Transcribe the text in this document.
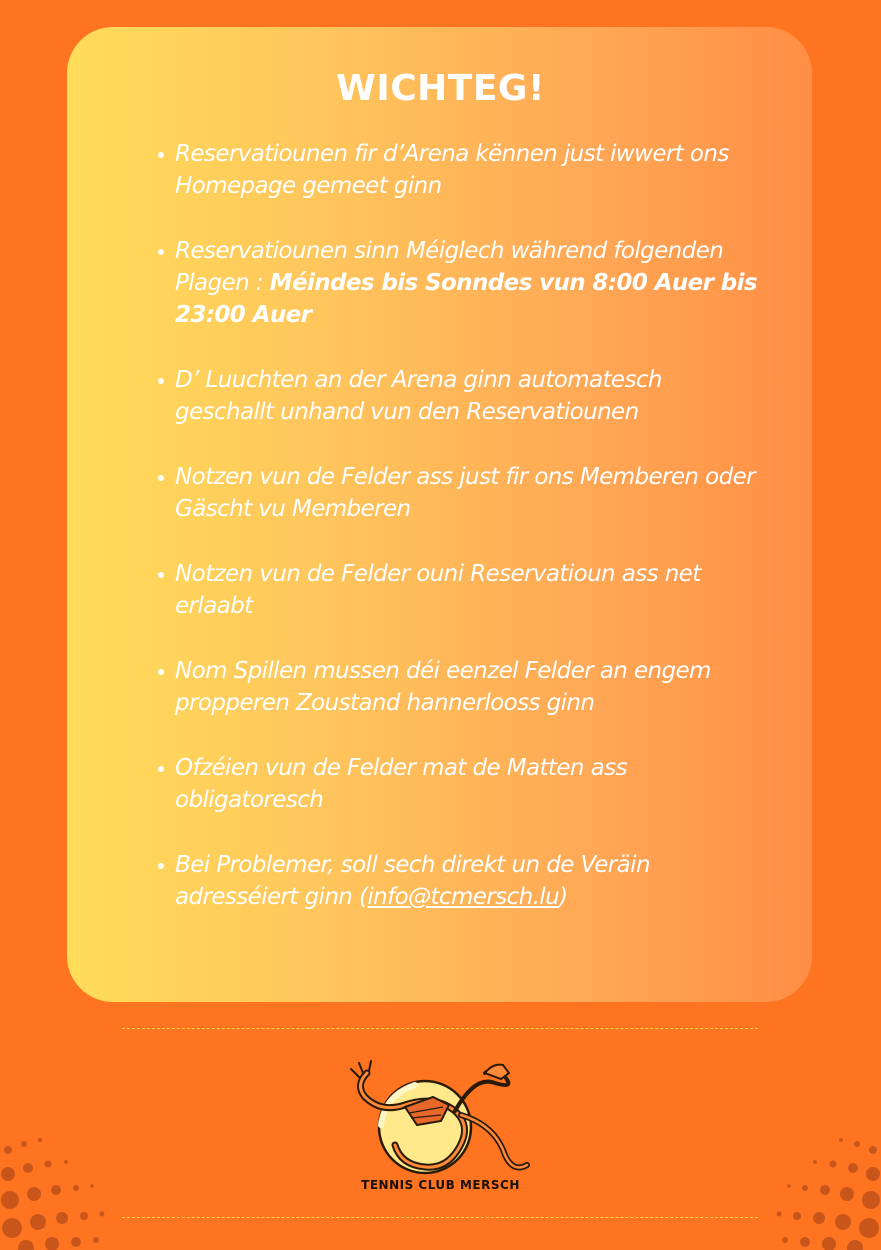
WICHTEG!
Reservatiounen fir d’Arena kënnen just iwwert ons Homepage gemeet ginn
Reservatiounen sinn Méiglech während folgenden Plagen : Méindes bis Sonndes vun 8:00 Auer bis 23:00 Auer
D’ Luuchten an der Arena ginn automatesch geschallt unhand vun den Reservatiounen
Notzen vun de Felder ass just fir ons Memberen oder Gäscht vu Memberen
Notzen vun de Felder ouni Reservatioun ass net erlaabt
Nom Spillen mussen déi eenzel Felder an engem propperen Zoustand hannerlooss ginn
Ofzéien vun de Felder mat de Matten ass obligatoresch
Bei Problemer, soll sech direkt un de Veräin adresséiert ginn (info@tcmersch.lu)
TENNIS CLUB MERSCH
